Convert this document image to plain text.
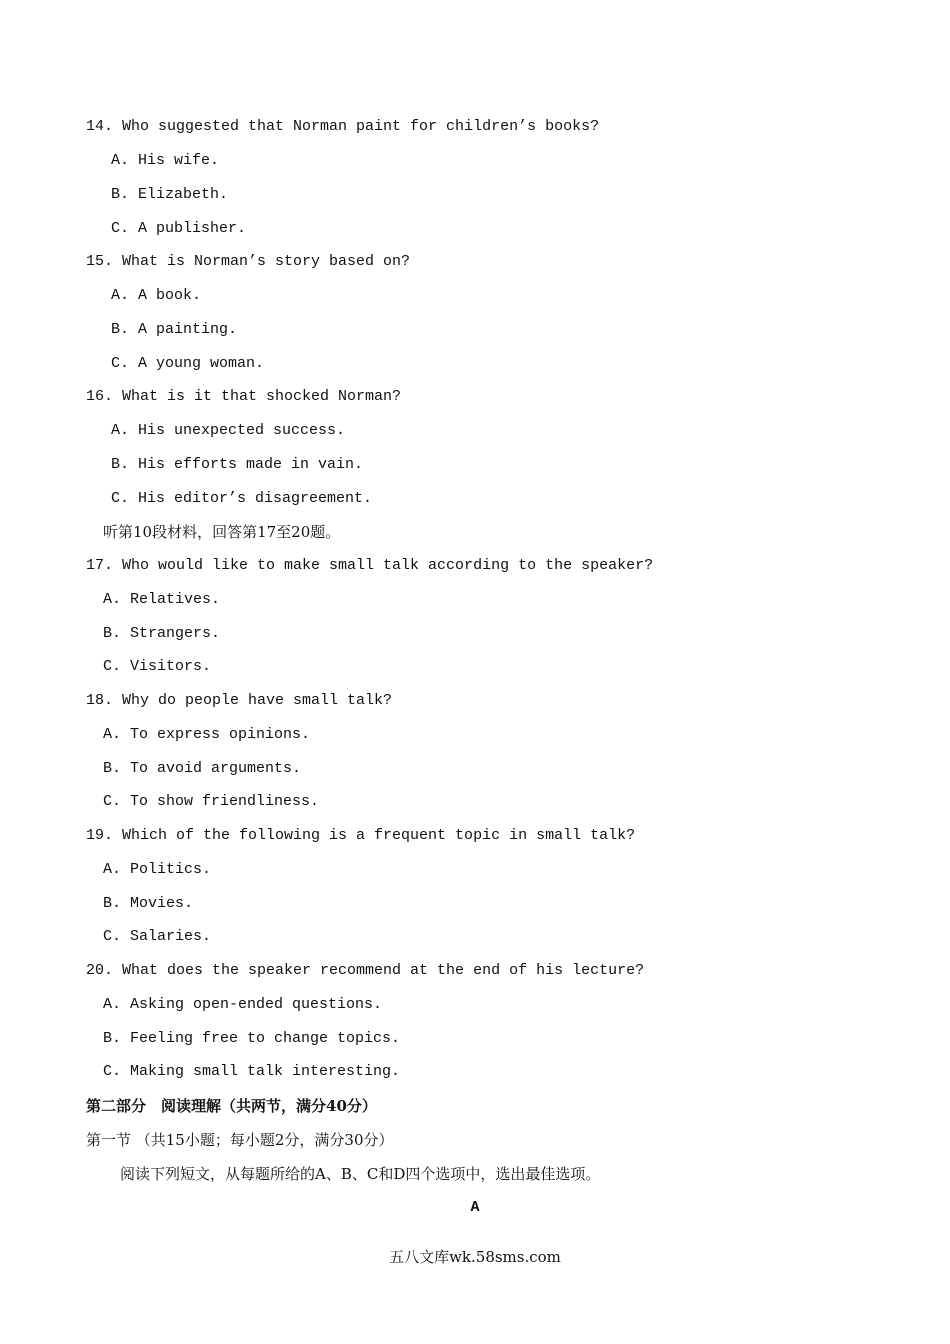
14. Who suggested that Norman paint for children’s books?
A. His wife.
B. Elizabeth.
C. A publisher.
15. What is Norman’s story based on?
A. A book.
B. A painting.
C. A young woman.
16. What is it that shocked Norman?
A. His unexpected success.
B. His efforts made in vain.
C. His editor’s disagreement.
听第10段材料，回答第17至20题。
17. Who would like to make small talk according to the speaker?
A. Relatives.
B. Strangers.
C. Visitors.
18. Why do people have small talk?
A. To express opinions.
B. To avoid arguments.
C. To show friendliness.
19. Which of the following is a frequent topic in small talk?
A. Politics.
B. Movies.
C. Salaries.
20. What does the speaker recommend at the end of his lecture?
A. Asking open-ended questions.
B. Feeling free to change topics.
C. Making small talk interesting.
第二部分　阅读理解（共两节，满分40分）
第一节 （共15小题；每小题2分，满分30分）
阅读下列短文，从每题所给的A、B、C和D四个选项中，选出最佳选项。
A
五八文库wk.58sms.com
